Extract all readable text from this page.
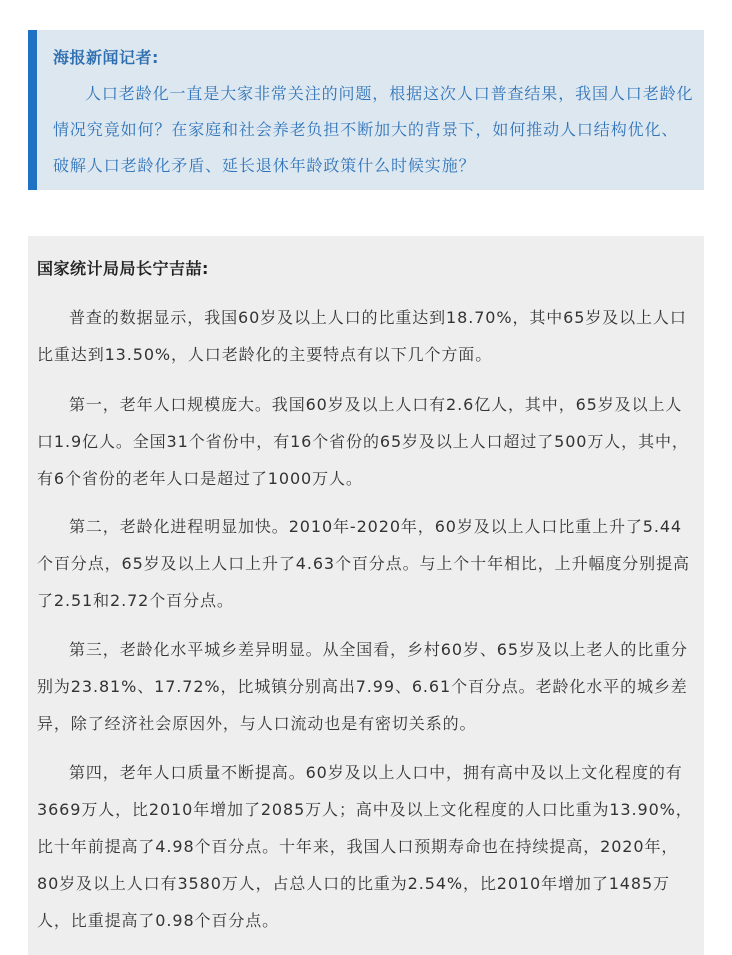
海报新闻记者:
人口老龄化一直是大家非常关注的问题，根据这次人口普查结果，我国人口老龄化情况究竟如何？在家庭和社会养老负担不断加大的背景下，如何推动人口结构优化、破解人口老龄化矛盾、延长退休年龄政策什么时候实施？
国家统计局局长宁吉喆:

普查的数据显示，我国60岁及以上人口的比重达到18.70%，其中65岁及以上人口比重达到13.50%，人口老龄化的主要特点有以下几个方面。

第一，老年人口规模庞大。我国60岁及以上人口有2.6亿人，其中，65岁及以上人口1.9亿人。全国31个省份中，有16个省份的65岁及以上人口超过了500万人，其中，有6个省份的老年人口是超过了1000万人。

第二，老龄化进程明显加快。2010年-2020年，60岁及以上人口比重上升了5.44个百分点，65岁及以上人口上升了4.63个百分点。与上个十年相比，上升幅度分别提高了2.51和2.72个百分点。

第三，老龄化水平城乡差异明显。从全国看，乡村60岁、65岁及以上老人的比重分别为23.81%、17.72%，比城镇分别高出7.99、6.61个百分点。老龄化水平的城乡差异，除了经济社会原因外，与人口流动也是有密切关系的。

第四，老年人口质量不断提高。60岁及以上人口中，拥有高中及以上文化程度的有3669万人，比2010年增加了2085万人；高中及以上文化程度的人口比重为13.90%，比十年前提高了4.98个百分点。十年来，我国人口预期寿命也在持续提高，2020年，80岁及以上人口有3580万人，占总人口的比重为2.54%，比2010年增加了1485万人，比重提高了0.98个百分点。
